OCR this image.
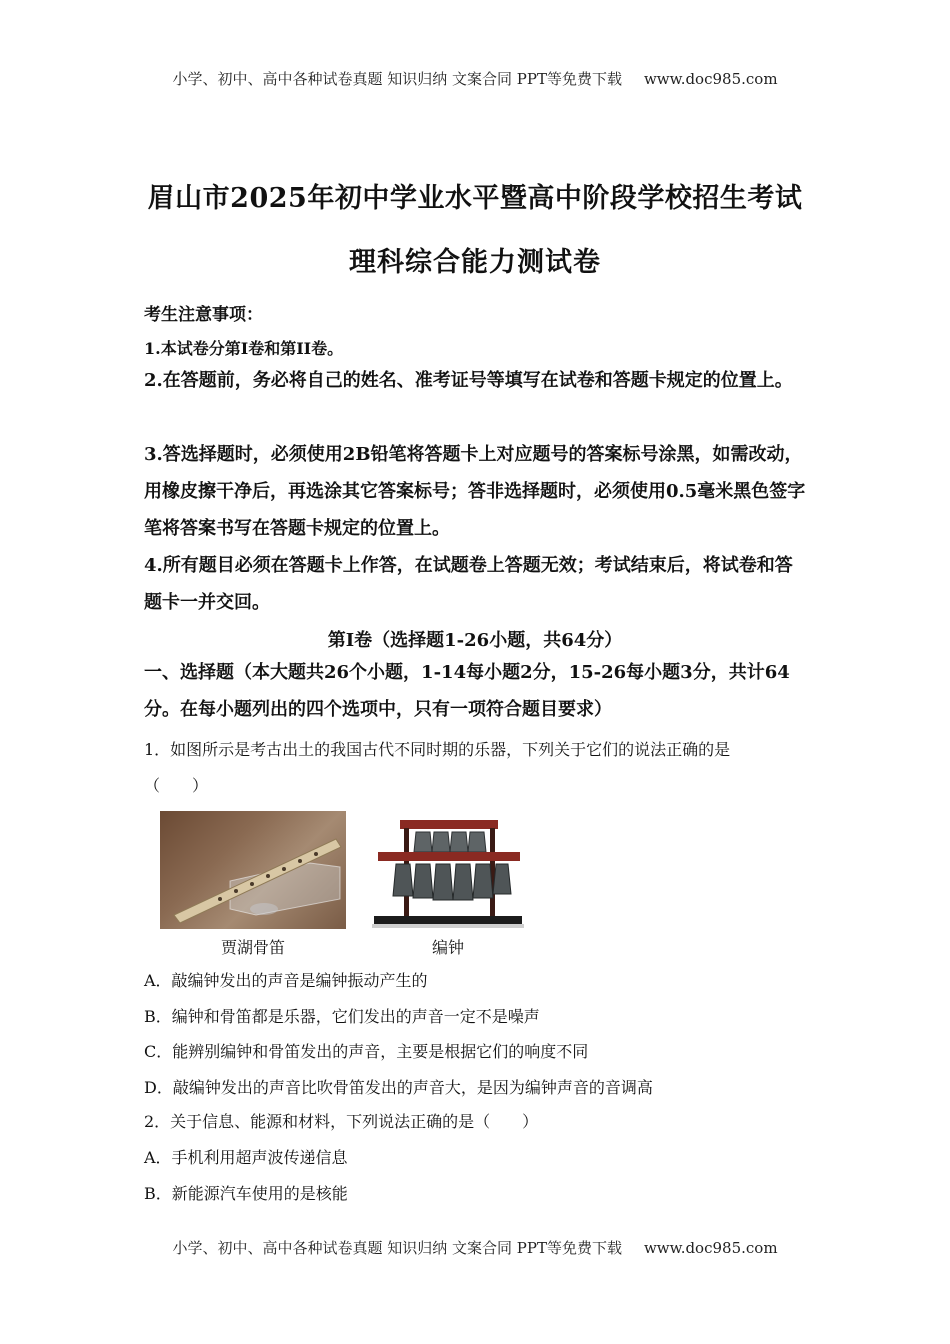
小学、初中、高中各种试卷真题 知识归纳 文案合同 PPT等免费下载 www.doc985.com
眉山市2025年初中学业水平暨高中阶段学校招生考试
理科综合能力测试卷
考生注意事项：
1.本试卷分第I卷和第II卷。
2.在答题前，务必将自己的姓名、准考证号等填写在试卷和答题卡规定的位置上。
3.答选择题时，必须使用2B铅笔将答题卡上对应题号的答案标号涂黑，如需改动，用橡皮擦干净后，再选涂其它答案标号；答非选择题时，必须使用0.5毫米黑色签字笔将答案书写在答题卡规定的位置上。
4.所有题目必须在答题卡上作答，在试题卷上答题无效；考试结束后，将试卷和答题卡一并交回。
第I卷（选择题1-26小题，共64分）
一、选择题（本大题共26个小题，1-14每小题2分，15-26每小题3分，共计64分。在每小题列出的四个选项中，只有一项符合题目要求）
1．如图所示是考古出土的我国古代不同时期的乐器，下列关于它们的说法正确的是
（　　）
贾湖骨笛	编钟
A．敲编钟发出的声音是编钟振动产生的
B．编钟和骨笛都是乐器，它们发出的声音一定不是噪声
C．能辨别编钟和骨笛发出的声音，主要是根据它们的响度不同
D．敲编钟发出的声音比吹骨笛发出的声音大，是因为编钟声音的音调高
2．关于信息、能源和材料，下列说法正确的是（　　）
A．手机利用超声波传递信息
B．新能源汽车使用的是核能
小学、初中、高中各种试卷真题 知识归纳 文案合同 PPT等免费下载 www.doc985.com
